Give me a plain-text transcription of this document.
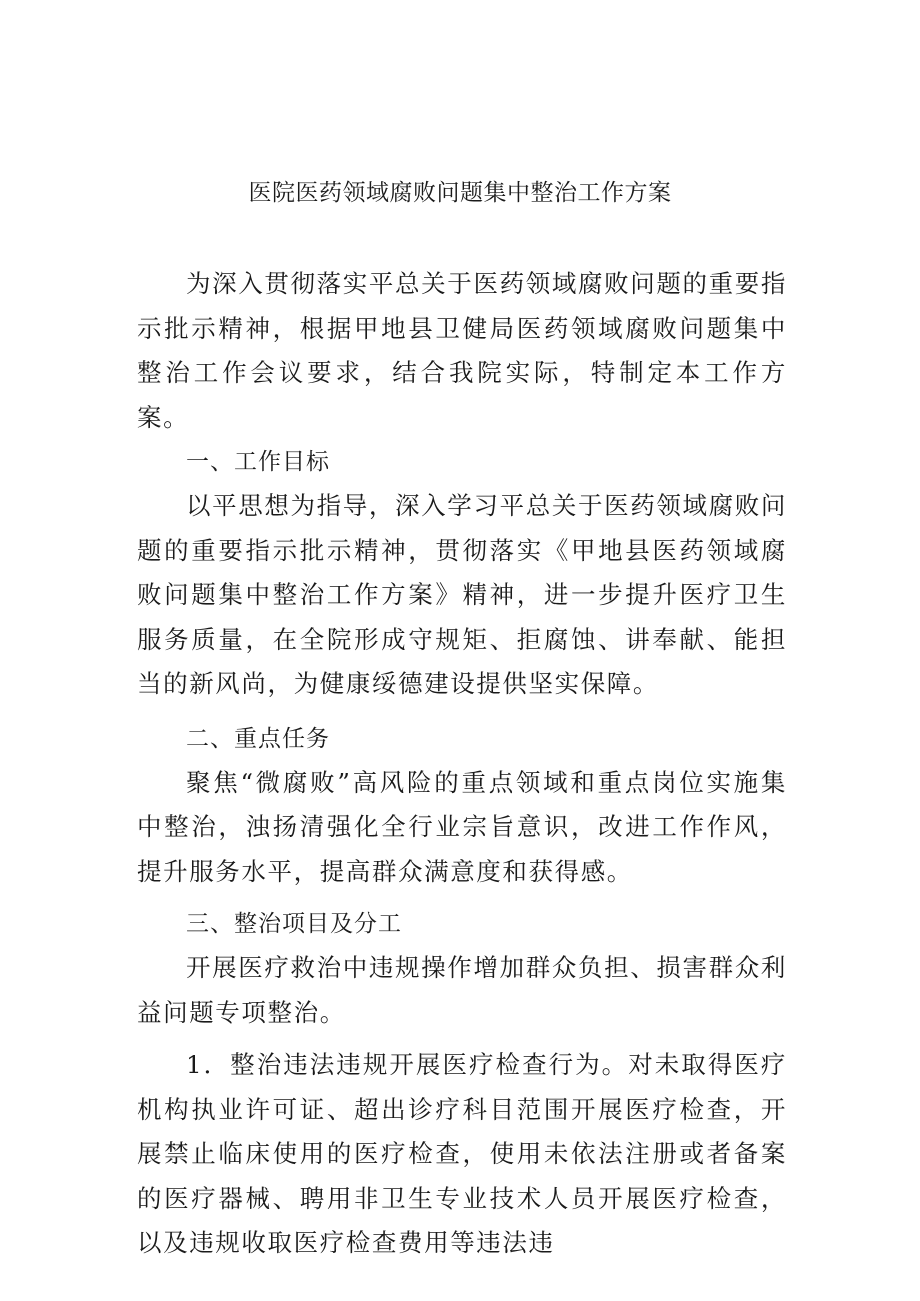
医院医药领域腐败问题集中整治工作方案

为深入贯彻落实平总关于医药领域腐败问题的重要指示批示精神，根据甲地县卫健局医药领域腐败问题集中整治工作会议要求，结合我院实际，特制定本工作方案。

一、工作目标

以平思想为指导，深入学习平总关于医药领域腐败问题的重要指示批示精神，贯彻落实《甲地县医药领域腐败问题集中整治工作方案》精神，进一步提升医疗卫生服务质量，在全院形成守规矩、拒腐蚀、讲奉献、能担当的新风尚，为健康绥德建设提供坚实保障。

二、重点任务

聚焦“微腐败”高风险的重点领域和重点岗位实施集中整治，浊扬清强化全行业宗旨意识，改进工作作风，提升服务水平，提高群众满意度和获得感。

三、整治项目及分工

开展医疗救治中违规操作增加群众负担、损害群众利益问题专项整治。

1．整治违法违规开展医疗检查行为。对未取得医疗机构执业许可证、超出诊疗科目范围开展医疗检查，开展禁止临床使用的医疗检查，使用未依法注册或者备案的医疗器械、聘用非卫生专业技术人员开展医疗检查，以及违规收取医疗检查费用等违法违
